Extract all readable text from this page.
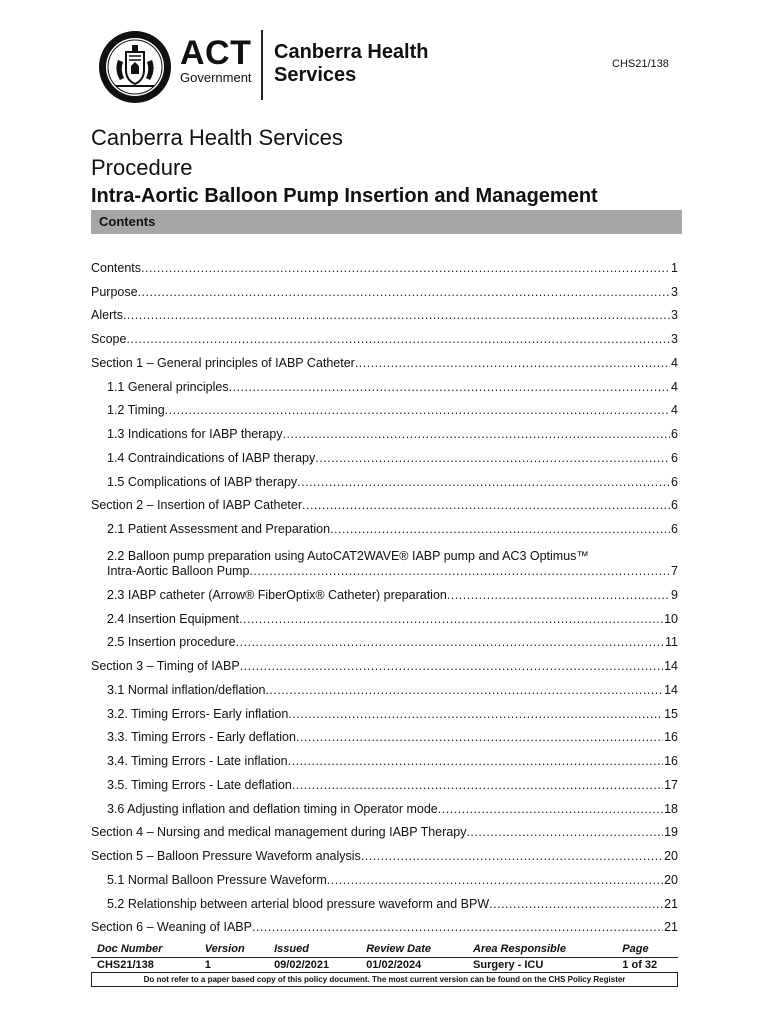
ACT
Government
Canberra Health
Services	CHS21/138
Canberra Health Services
Procedure
Intra-Aortic Balloon Pump Insertion and Management
Contents
Contents .....	1
Purpose .....	3
Alerts .....	3
Scope .....	3
Section 1 – General principles of IABP Catheter .....	4
1.1 General principles .....	4
1.2 Timing .....	4
1.3 Indications for IABP therapy .....	6
1.4 Contraindications of IABP therapy .....	6
1.5 Complications of IABP therapy .....	6
Section 2 – Insertion of IABP Catheter .....	6
2.1 Patient Assessment and Preparation .....	6
2.2 Balloon pump preparation using AutoCAT2WAVE® IABP pump and AC3 Optimus™
Intra-Aortic Balloon Pump .....	7
2.3 IABP catheter (Arrow® FiberOptix® Catheter) preparation .....	9
2.4 Insertion Equipment .....	10
2.5 Insertion procedure .....	11
Section 3 – Timing of IABP .....	14
3.1 Normal inflation/deflation .....	14
3.2. Timing Errors- Early inflation .....	15
3.3. Timing Errors - Early deflation .....	16
3.4. Timing Errors - Late inflation .....	16
3.5. Timing Errors - Late deflation .....	17
3.6 Adjusting inflation and deflation timing in Operator mode .....	18
Section 4 – Nursing and medical management during IABP Therapy .....	19
Section 5 – Balloon Pressure Waveform analysis .....	20
5.1 Normal Balloon Pressure Waveform .....	20
5.2 Relationship between arterial blood pressure waveform and BPW .....	21
Section 6 – Weaning of IABP .....	21
Doc Number	Version	Issued	Review Date	Area Responsible	Page
CHS21/138	1	09/02/2021	01/02/2024	Surgery - ICU	1 of 32
Do not refer to a paper based copy of this policy document. The most current version can be found on the CHS Policy Register
